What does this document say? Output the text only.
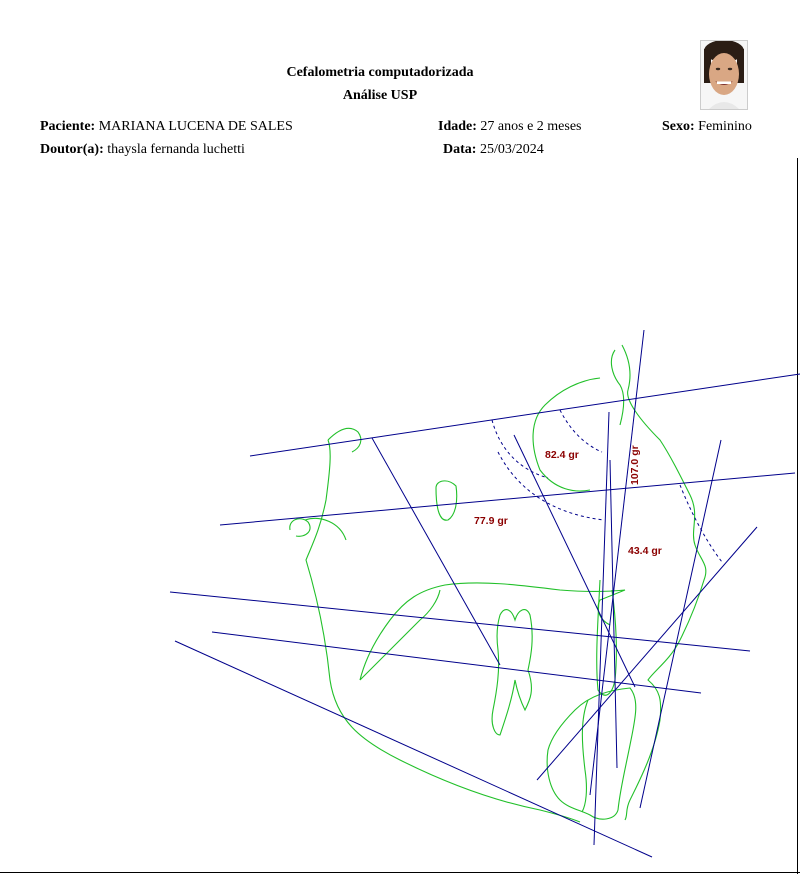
Cefalometria computadorizada
Análise USP
Paciente: MARIANA LUCENA DE SALES	Idade: 27 anos e 2 meses	Sexo: Feminino
Doutor(a): thaysla fernanda luchetti	Data: 25/03/2024
82.4 gr	107.0 gr
77.9 gr
43.4 gr
